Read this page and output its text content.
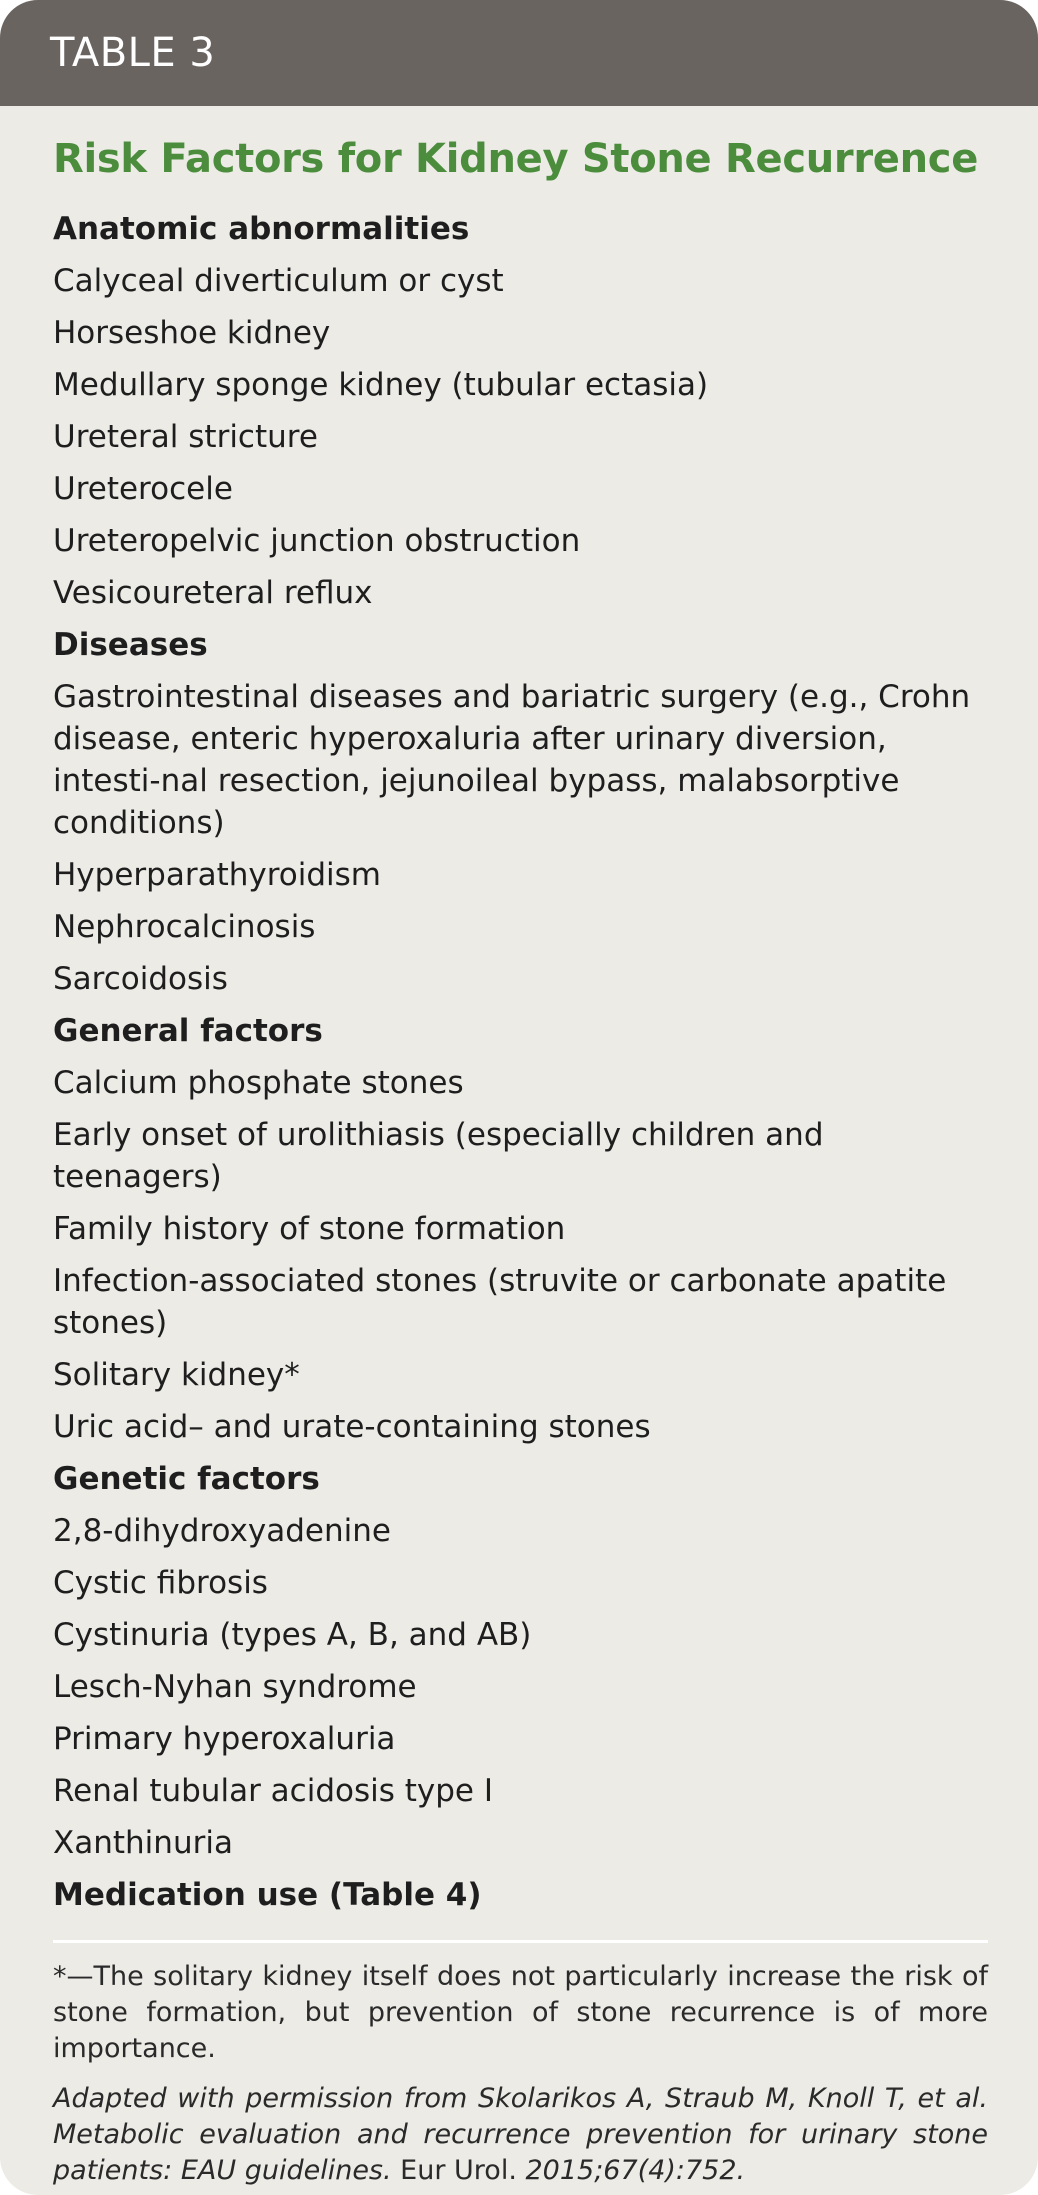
TABLE 3
Risk Factors for Kidney Stone Recurrence
Anatomic abnormalities
Calyceal diverticulum or cyst
Horseshoe kidney
Medullary sponge kidney (tubular ectasia)
Ureteral stricture
Ureterocele
Ureteropelvic junction obstruction
Vesicoureteral reflux
Diseases
Gastrointestinal diseases and bariatric surgery (e.g., Crohn disease, enteric hyperoxaluria after urinary diversion, intesti-nal resection, jejunoileal bypass, malabsorptive conditions)
Hyperparathyroidism
Nephrocalcinosis
Sarcoidosis
General factors
Calcium phosphate stones
Early onset of urolithiasis (especially children and teenagers)
Family history of stone formation
Infection-associated stones (struvite or carbonate apatite stones)
Solitary kidney*
Uric acid– and urate-containing stones
Genetic factors
2,8-dihydroxyadenine
Cystic fibrosis
Cystinuria (types A, B, and AB)
Lesch-Nyhan syndrome
Primary hyperoxaluria
Renal tubular acidosis type I
Xanthinuria
Medication use (Table 4)

*—The solitary kidney itself does not particularly increase the risk of stone formation, but prevention of stone recurrence is of more importance.

Adapted with permission from Skolarikos A, Straub M, Knoll T, et al. Metabolic evaluation and recurrence prevention for urinary stone patients: EAU guidelines. Eur Urol. 2015;67(4):752.
